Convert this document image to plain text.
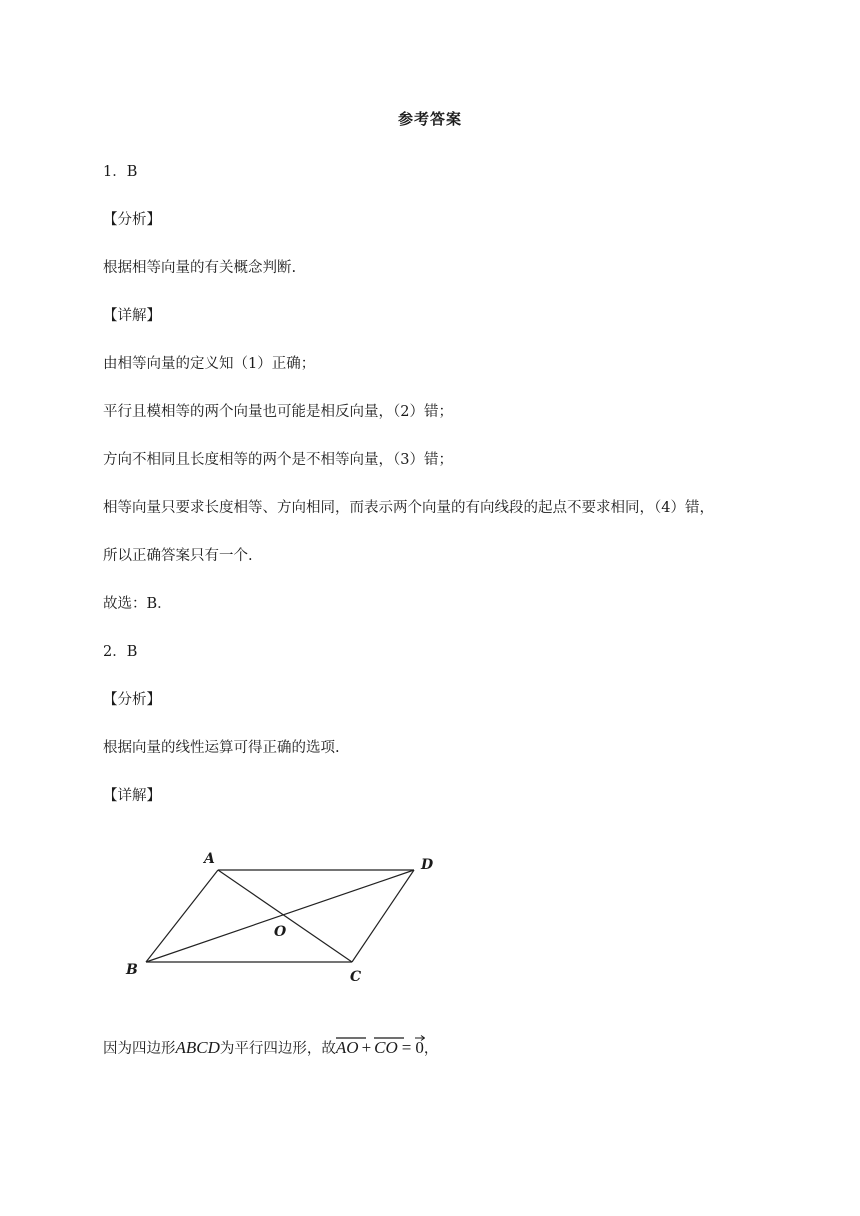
参考答案
1．B
【分析】
根据相等向量的有关概念判断.
【详解】
由相等向量的定义知（1）正确；
平行且模相等的两个向量也可能是相反向量，（2）错；
方向不相同且长度相等的两个是不相等向量，（3）错；
相等向量只要求长度相等、方向相同，而表示两个向量的有向线段的起点不要求相同，（4）错，
所以正确答案只有一个.
故选：B．
2．B
【分析】
根据向量的线性运算可得正确的选项.
【详解】
A	D
B	C
O
因为四边形ABCD为平行四边形，故
AO + CO = 0，
